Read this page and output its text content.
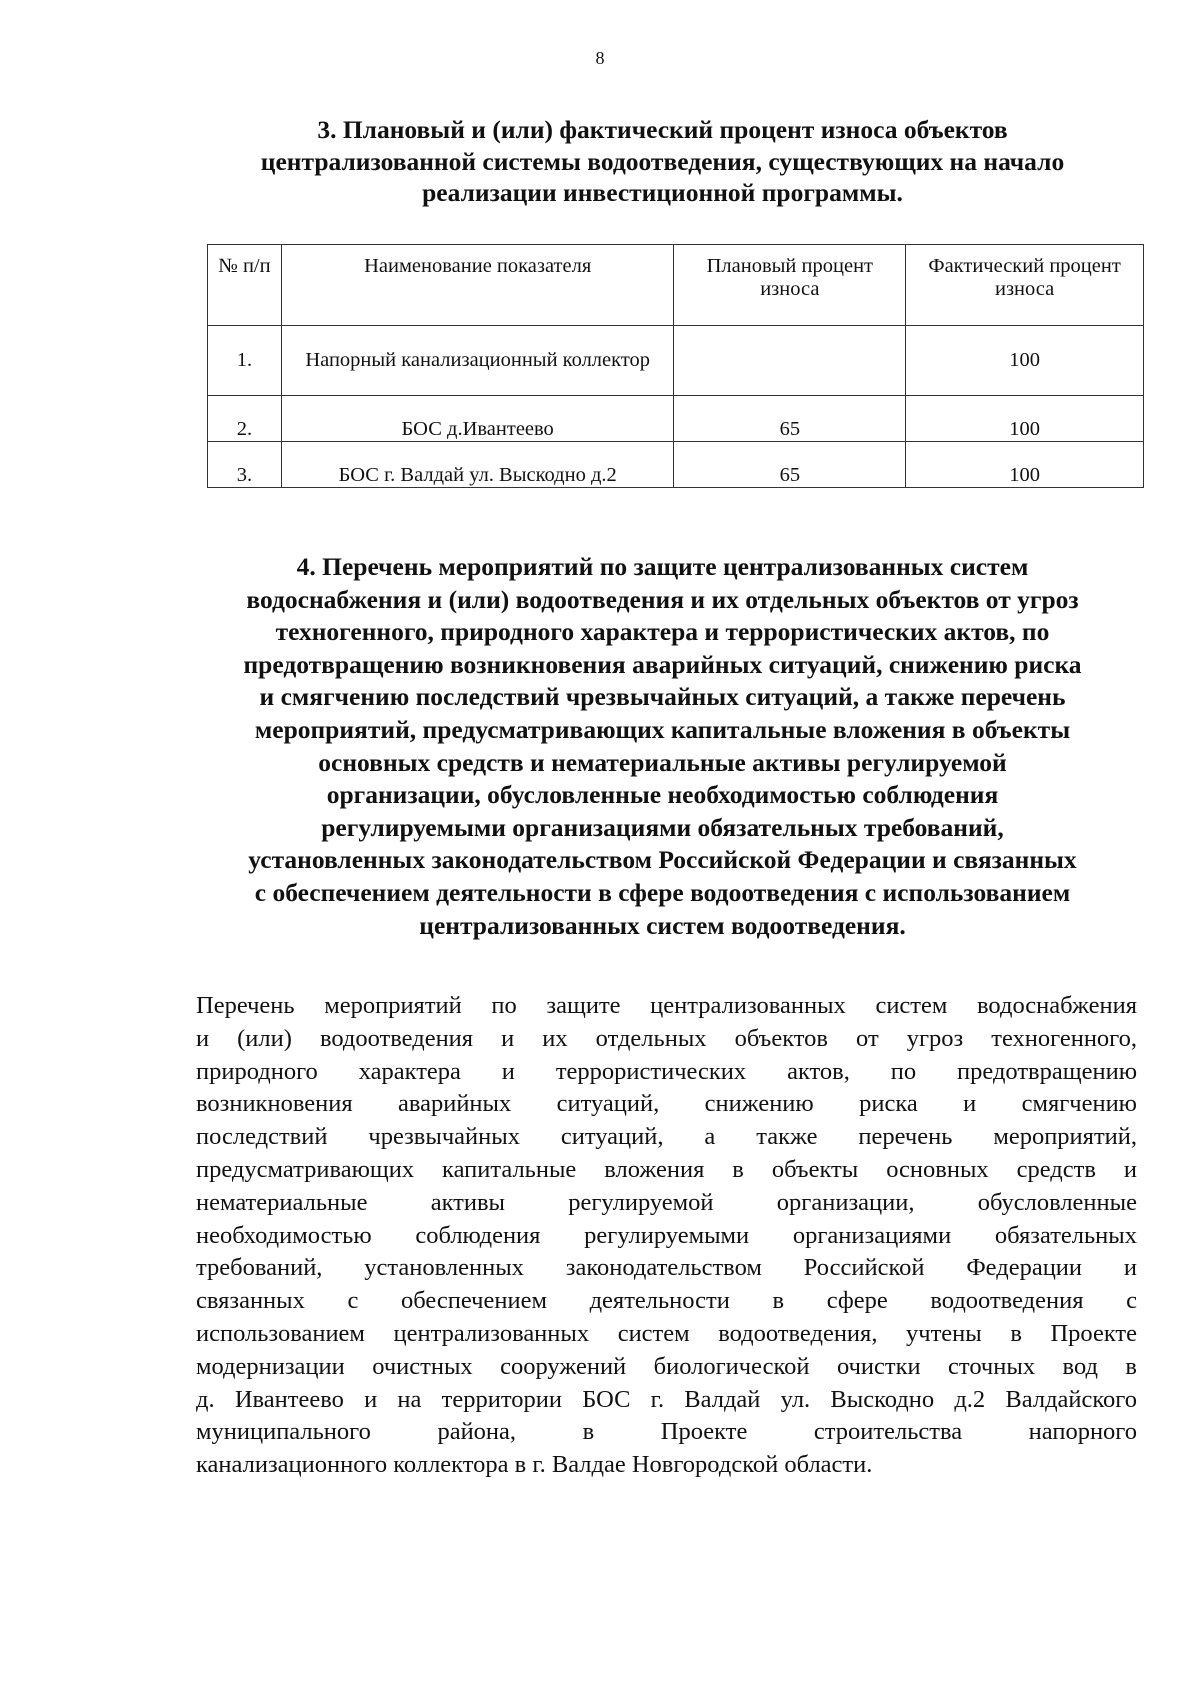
8
3. Плановый и (или) фактический процент износа объектов
централизованной системы водоотведения, существующих на начало
реализации инвестиционной программы.
№ п/п	Наименование показателя	Плановый процент износа	Фактический процент износа
1.	Напорный канализационный коллектор		100
2.	БОС д.Ивантеево	65	100
3.	БОС г. Валдай ул. Выскодно д.2	65	100
4. Перечень мероприятий по защите централизованных систем
водоснабжения и (или) водоотведения и их отдельных объектов от угроз
техногенного, природного характера и террористических актов, по
предотвращению возникновения аварийных ситуаций, снижению риска
и смягчению последствий чрезвычайных ситуаций, а также перечень
мероприятий, предусматривающих капитальные вложения в объекты
основных средств и нематериальные активы регулируемой
организации, обусловленные необходимостью соблюдения
регулируемыми организациями обязательных требований,
установленных законодательством Российской Федерации и связанных
с обеспечением деятельности в сфере водоотведения с использованием
централизованных систем водоотведения.

Перечень мероприятий по защите централизованных систем водоснабжения
и (или) водоотведения и их отдельных объектов от угроз техногенного,
природного характера и террористических актов, по предотвращению
возникновения аварийных ситуаций, снижению риска и смягчению
последствий чрезвычайных ситуаций, а также перечень мероприятий,
предусматривающих капитальные вложения в объекты основных средств и
нематериальные активы регулируемой организации, обусловленные
необходимостью соблюдения регулируемыми организациями обязательных
требований, установленных законодательством Российской Федерации и
связанных с обеспечением деятельности в сфере водоотведения с
использованием централизованных систем водоотведения, учтены в Проекте
модернизации очистных сооружений биологической очистки сточных вод в
д. Ивантеево и на территории БОС г. Валдай ул. Выскодно д.2 Валдайского
муниципального района, в Проекте строительства напорного
канализационного коллектора в г. Валдае Новгородской области.
